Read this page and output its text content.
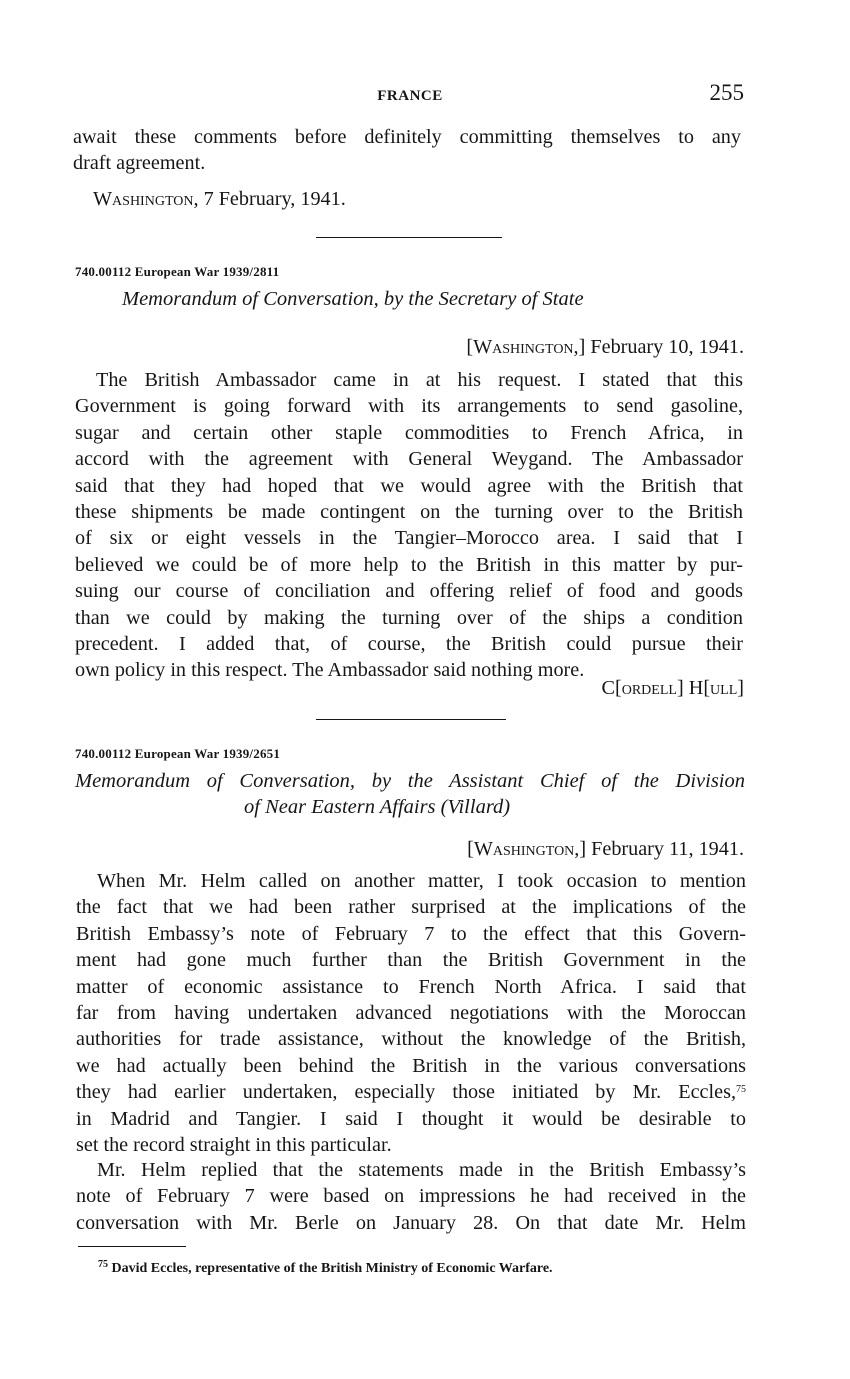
FRANCE	255
await these comments before definitely committing themselves to any
draft agreement.
Washington, 7 February, 1941.
740.00112 European War 1939/2811
Memorandum of Conversation, by the Secretary of State
[Washington,] February 10, 1941.
The British Ambassador came in at his request. I stated that this
Government is going forward with its arrangements to send gasoline,
sugar and certain other staple commodities to French Africa, in
accord with the agreement with General Weygand. The Ambassador
said that they had hoped that we would agree with the British that
these shipments be made contingent on the turning over to the British
of six or eight vessels in the Tangier–Morocco area. I said that I
believed we could be of more help to the British in this matter by pur-
suing our course of conciliation and offering relief of food and goods
than we could by making the turning over of the ships a condition
precedent. I added that, of course, the British could pursue their
own policy in this respect. The Ambassador said nothing more.
C[ordell] H[ull]
740.00112 European War 1939/2651
Memorandum of Conversation, by the Assistant Chief of the Division
of Near Eastern Affairs (Villard)
[Washington,] February 11, 1941.
When Mr. Helm called on another matter, I took occasion to mention
the fact that we had been rather surprised at the implications of the
British Embassy’s note of February 7 to the effect that this Govern-
ment had gone much further than the British Government in the
matter of economic assistance to French North Africa. I said that
far from having undertaken advanced negotiations with the Moroccan
authorities for trade assistance, without the knowledge of the British,
we had actually been behind the British in the various conversations
they had earlier undertaken, especially those initiated by Mr. Eccles,$^{75}$
in Madrid and Tangier. I said I thought it would be desirable to
set the record straight in this particular.
Mr. Helm replied that the statements made in the British Embassy’s
note of February 7 were based on impressions he had received in the
conversation with Mr. Berle on January 28. On that date Mr. Helm
$^{75}$ David Eccles, representative of the British Ministry of Economic Warfare.
